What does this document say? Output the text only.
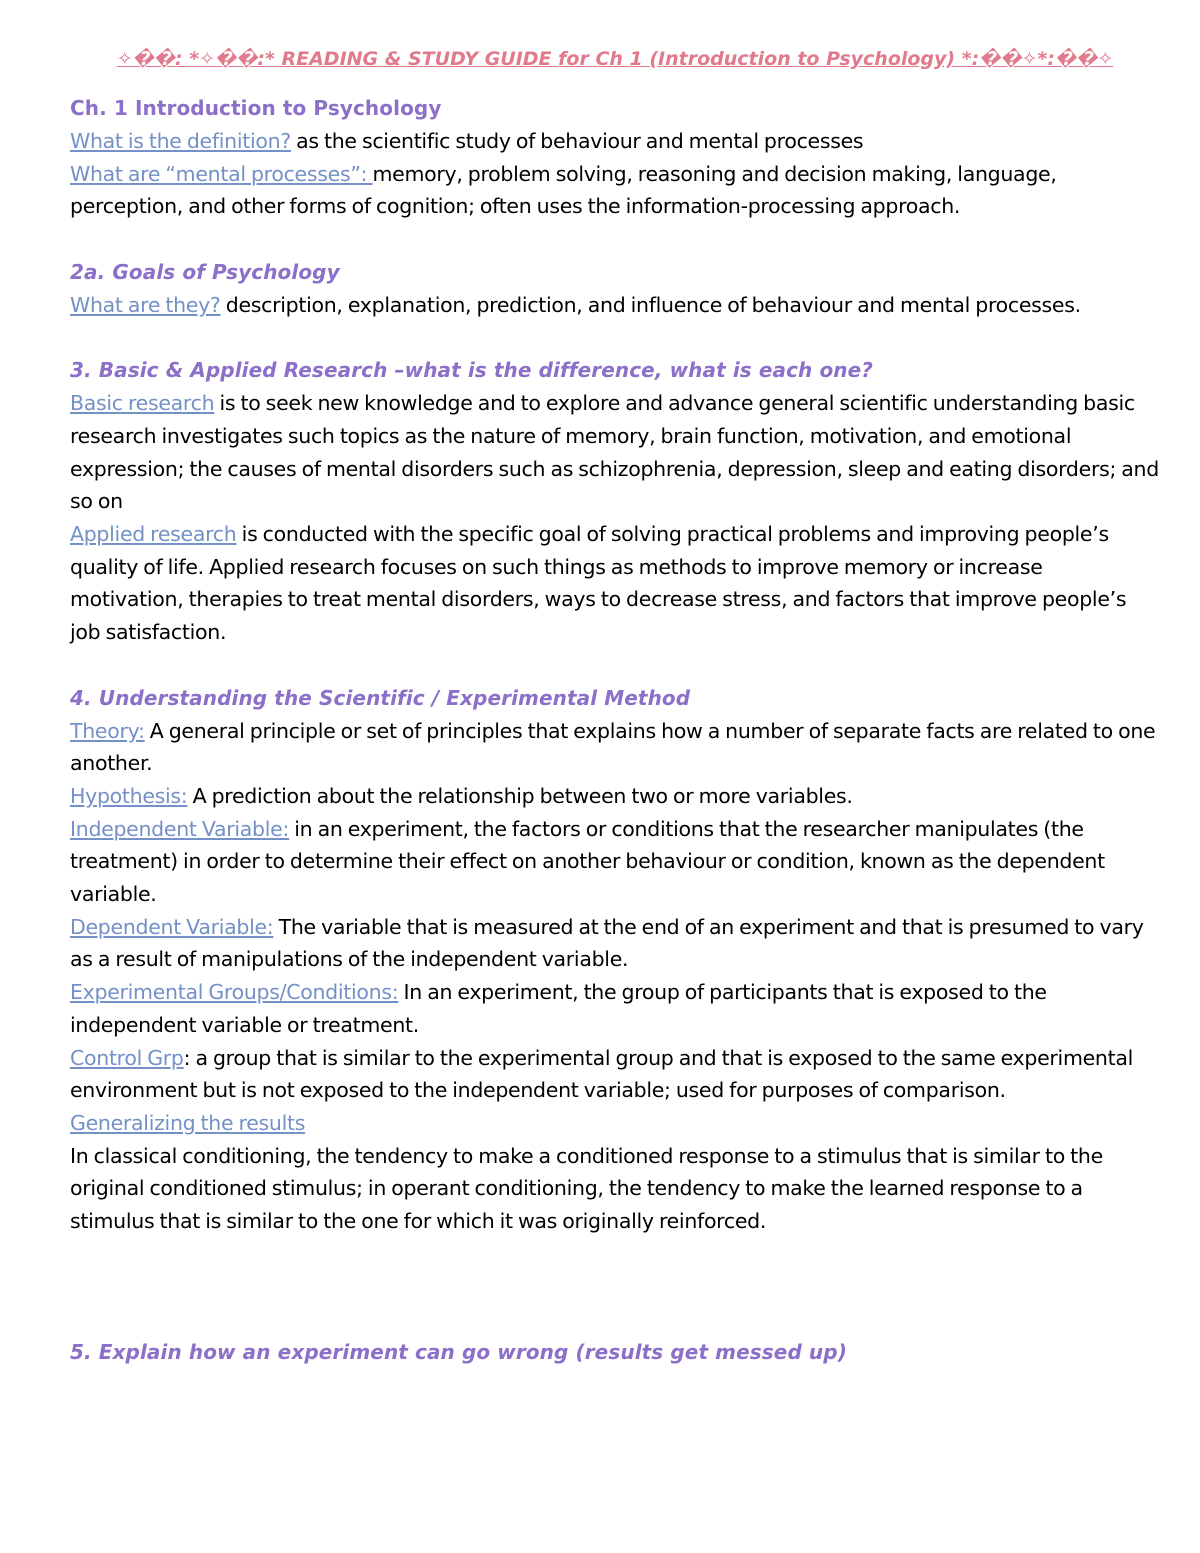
✧��: *✧��:* READING & STUDY GUIDE for Ch 1 (Introduction to Psychology) *:��✧*:��✧
Ch. 1 Introduction to Psychology
What is the definition? as the scientific study of behaviour and mental processes
What are “mental processes”: memory, problem solving, reasoning and decision making, language, perception, and other forms of cognition; often uses the information-processing approach.
2a. Goals of Psychology
What are they? description, explanation, prediction, and influence of behaviour and mental processes.
3. Basic & Applied Research –what is the difference, what is each one?
Basic research is to seek new knowledge and to explore and advance general scientific understanding basic research investigates such topics as the nature of memory, brain function, motivation, and emotional expression; the causes of mental disorders such as schizophrenia, depression, sleep and eating disorders; and so on
Applied research is conducted with the specific goal of solving practical problems and improving people’s quality of life. Applied research focuses on such things as methods to improve memory or increase motivation, therapies to treat mental disorders, ways to decrease stress, and factors that improve people’s job satisfaction.
4. Understanding the Scientific / Experimental Method
Theory: A general principle or set of principles that explains how a number of separate facts are related to one another.
Hypothesis: A prediction about the relationship between two or more variables.
Independent Variable: in an experiment, the factors or conditions that the researcher manipulates (the treatment) in order to determine their effect on another behaviour or condition, known as the dependent variable.
Dependent Variable: The variable that is measured at the end of an experiment and that is presumed to vary as a result of manipulations of the independent variable.
Experimental Groups/Conditions: In an experiment, the group of participants that is exposed to the independent variable or treatment.
Control Grp: a group that is similar to the experimental group and that is exposed to the same experimental environment but is not exposed to the independent variable; used for purposes of comparison.
Generalizing the results
In classical conditioning, the tendency to make a conditioned response to a stimulus that is similar to the original conditioned stimulus; in operant conditioning, the tendency to make the learned response to a stimulus that is similar to the one for which it was originally reinforced.
5. Explain how an experiment can go wrong (results get messed up)
